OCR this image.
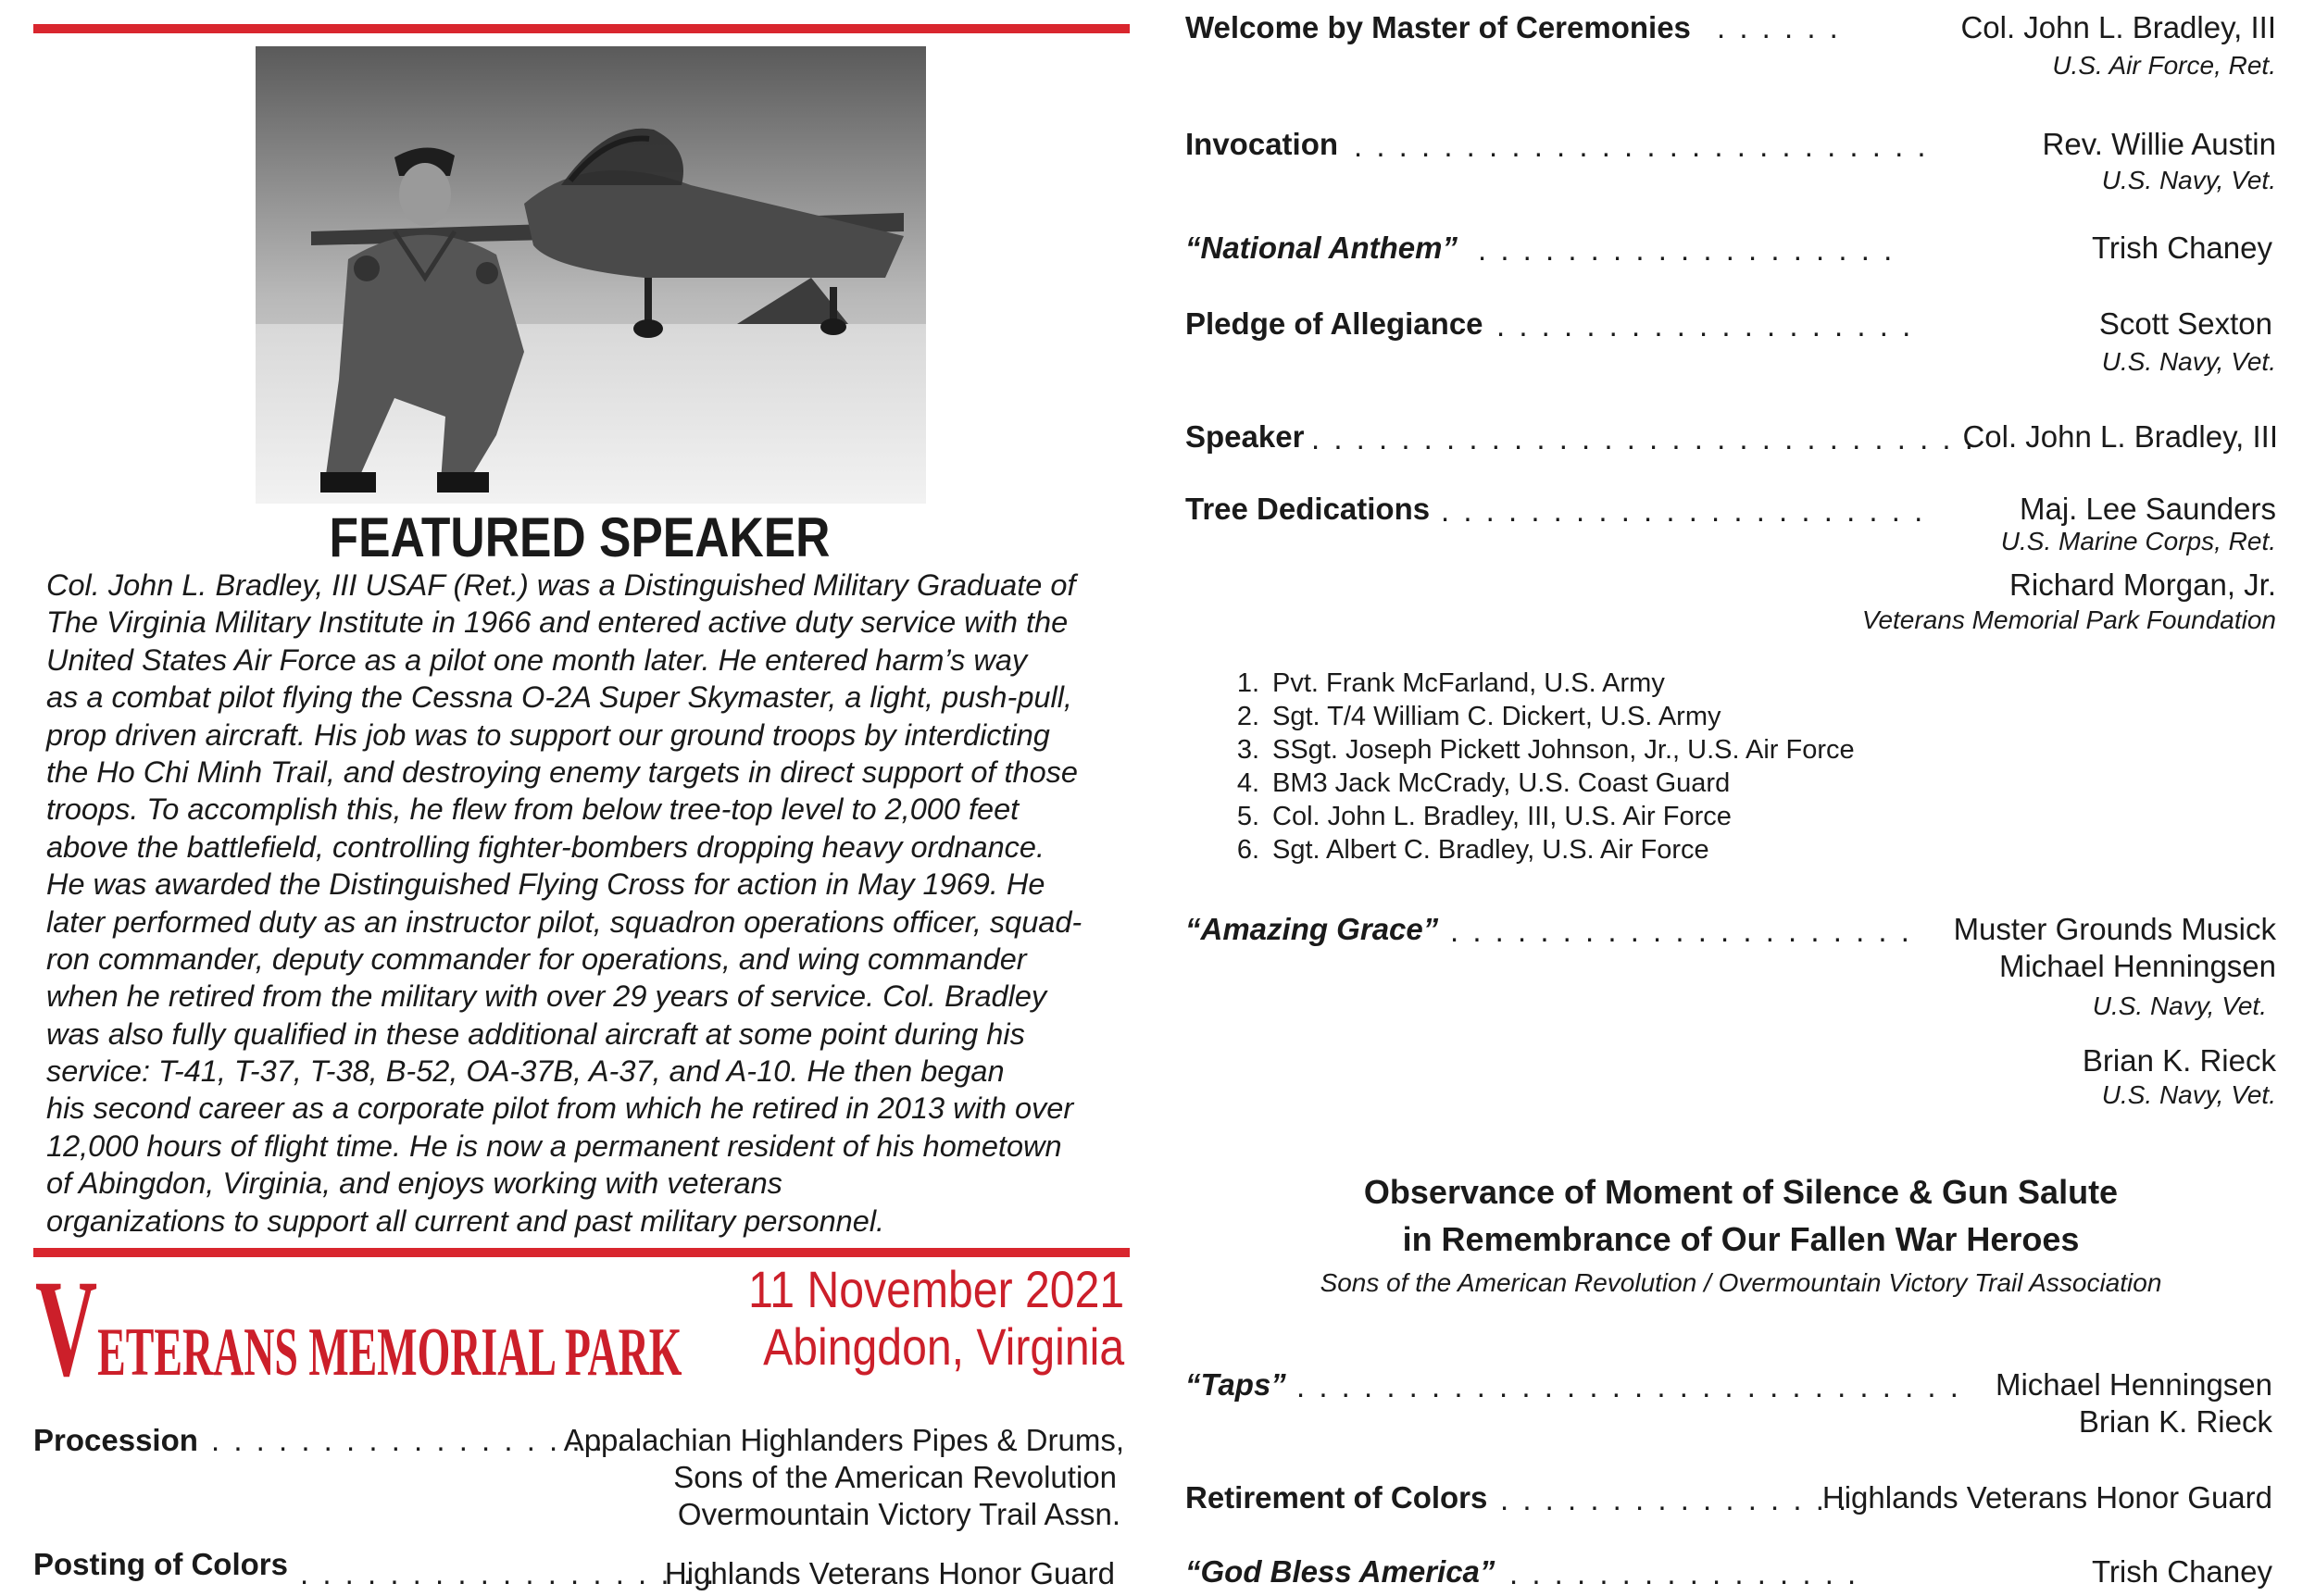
FEATURED SPEAKER
Col. John L. Bradley, III USAF (Ret.) was a Distinguished Military Graduate of
The Virginia Military Institute in 1966 and entered active duty service with the
United States Air Force as a pilot one month later. He entered harm’s way
as a combat pilot flying the Cessna O-2A Super Skymaster, a light, push-pull,
prop driven aircraft. His job was to support our ground troops by interdicting
the Ho Chi Minh Trail, and destroying enemy targets in direct support of those
troops. To accomplish this, he flew from below tree-top level to 2,000 feet
above the battlefield, controlling fighter-bombers dropping heavy ordnance.
He was awarded the Distinguished Flying Cross for action in May 1969. He
later performed duty as an instructor pilot, squadron operations officer, squad-
ron commander, deputy commander for operations, and wing commander
when he retired from the military with over 29 years of service. Col. Bradley
was also fully qualified in these additional aircraft at some point during his
service: T-41, T-37, T-38, B-52, OA-37B, A-37, and A-10. He then began
his second career as a corporate pilot from which he retired in 2013 with over
12,000 hours of flight time. He is now a permanent resident of his hometown
of Abingdon, Virginia, and enjoys working with veterans
organizations to support all current and past military personnel.
VETERANS MEMORIAL PARK
11 November 2021
Abingdon, Virginia
Procession . . . . . . . . . . . . . . . . . . .
Appalachian Highlanders Pipes & Drums,
Sons of the American Revolution
Overmountain Victory Trail Assn.
Posting of Colors . . . . . . . . . . . . . . . . . . .
Highlands Veterans Honor Guard
Welcome by Master of Ceremonies . . . . . .	Col. John L. Bradley, III
U.S. Air Force, Ret.
Invocation . . . . . . . . . . . . . . . . . . . . . . . . . .	Rev. Willie Austin
U.S. Navy, Vet.
“National Anthem” . . . . . . . . . . . . . . . . . . .	Trish Chaney
Pledge of Allegiance . . . . . . . . . . . . . . . . . . .	Scott Sexton
U.S. Navy, Vet.
Speaker . . . . . . . . . . . . . . . . . . . . . . . . . . . . . .
Col. John L. Bradley, III
Tree Dedications . . . . . . . . . . . . . . . . . . . . . .	Maj. Lee Saunders
U.S. Marine Corps, Ret.
Richard Morgan, Jr.
Veterans Memorial Park Foundation
1. Pvt. Frank McFarland, U.S. Army
2. Sgt. T/4 William C. Dickert, U.S. Army
3. SSgt. Joseph Pickett Johnson, Jr., U.S. Air Force
4. BM3 Jack McCrady, U.S. Coast Guard
5. Col. John L. Bradley, III, U.S. Air Force
6. Sgt. Albert C. Bradley, U.S. Air Force
“Amazing Grace” . . . . . . . . . . . . . . . . . . . . . Muster Grounds Musick
Michael Henningsen
U.S. Navy, Vet.
Brian K. Rieck
U.S. Navy, Vet.
Observance of Moment of Silence & Gun Salute
in Remembrance of Our Fallen War Heroes
Sons of the American Revolution / Overmountain Victory Trail Association
“Taps” . . . . . . . . . . . . . . . . . . . . . . . . . . . . . . Michael Henningsen
Brian K. Rieck
Retirement of Colors . . . . . . . . . . . . . . . .
Highlands Veterans Honor Guard
“God Bless America” . . . . . . . . . . . . . . . .	Trish Chaney
